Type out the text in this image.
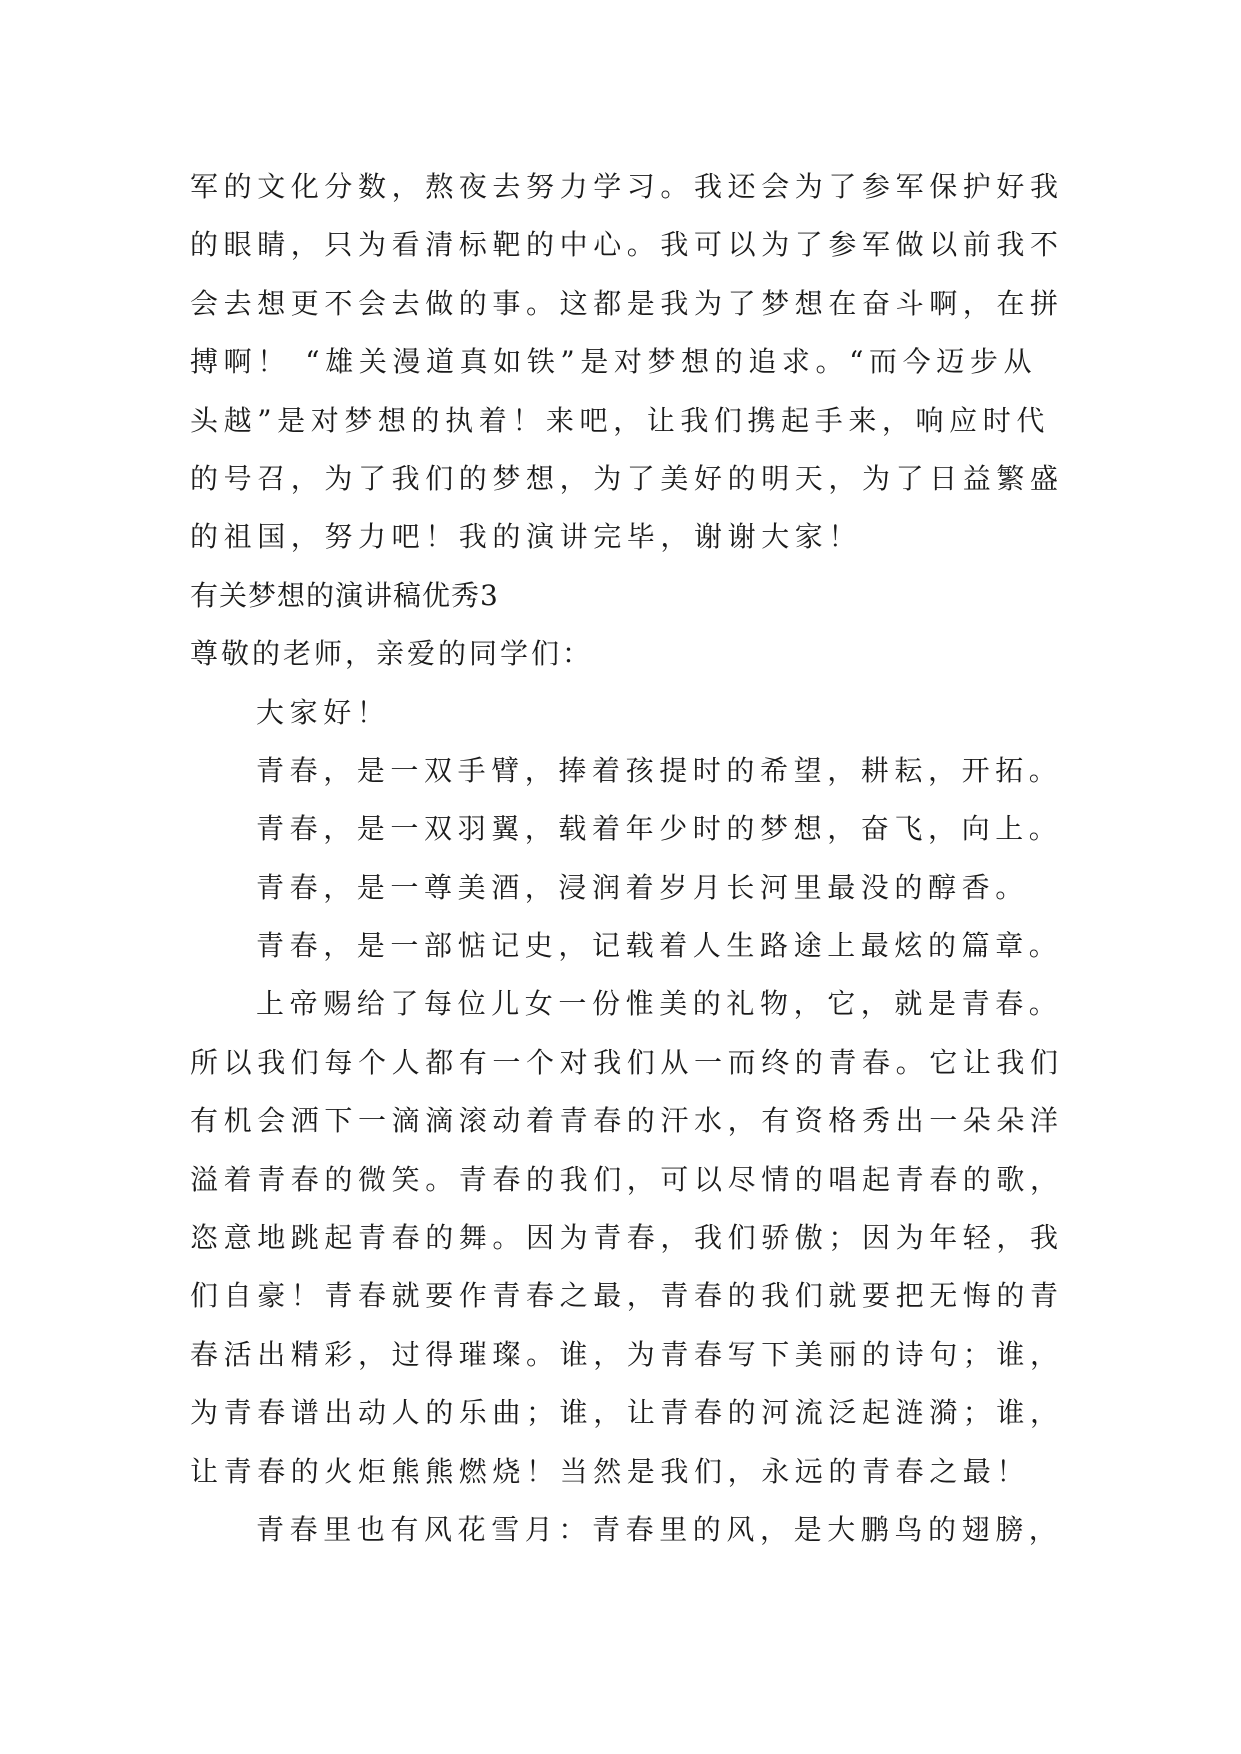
军的文化分数，熬夜去努力学习。我还会为了参军保护好我
的眼睛，只为看清标靶的中心。我可以为了参军做以前我不
会去想更不会去做的事。这都是我为了梦想在奋斗啊，在拼
搏啊！ “雄关漫道真如铁”是对梦想的追求。“而今迈步从
头越”是对梦想的执着！来吧，让我们携起手来，响应时代
的号召，为了我们的梦想，为了美好的明天，为了日益繁盛
的祖国，努力吧！我的演讲完毕，谢谢大家！
有关梦想的演讲稿优秀3
尊敬的老师，亲爱的同学们：
大家好！
青春，是一双手臂，捧着孩提时的希望，耕耘，开拓。
青春，是一双羽翼，载着年少时的梦想，奋飞，向上。
青春，是一尊美酒，浸润着岁月长河里最没的醇香。
青春，是一部惦记史，记载着人生路途上最炫的篇章。
上帝赐给了每位儿女一份惟美的礼物，它，就是青春。
所以我们每个人都有一个对我们从一而终的青春。它让我们
有机会洒下一滴滴滚动着青春的汗水，有资格秀出一朵朵洋
溢着青春的微笑。青春的我们，可以尽情的唱起青春的歌，
恣意地跳起青春的舞。因为青春，我们骄傲；因为年轻，我
们自豪！青春就要作青春之最，青春的我们就要把无悔的青
春活出精彩，过得璀璨。谁，为青春写下美丽的诗句；谁，
为青春谱出动人的乐曲；谁，让青春的河流泛起涟漪；谁，
让青春的火炬熊熊燃烧！当然是我们，永远的青春之最！
青春里也有风花雪月：青春里的风，是大鹏鸟的翅膀，
